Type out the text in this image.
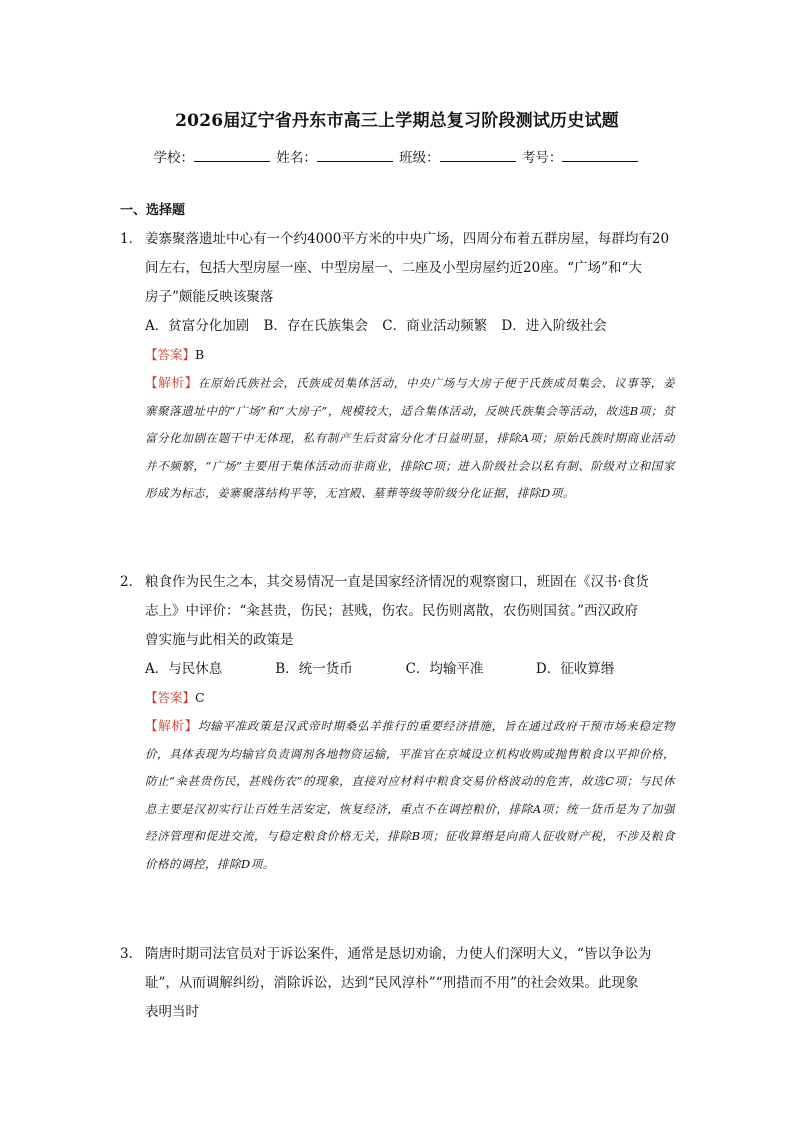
2026届辽宁省丹东市高三上学期总复习阶段测试历史试题
学校：	姓名：	班级：	考号：
一、选择题
1． 姜寨聚落遗址中心有一个约4000平方米的中央广场，四周分布着五群房屋，每群均有20
间左右，包括大型房屋一座、中型房屋一、二座及小型房屋约近20座。“广场”和“大
房子”颇能反映该聚落
A．贫富分化加剧 B．存在氏族集会 C．商业活动频繁 D．进入阶级社会
【答案】B
【解析】在原始氏族社会，氏族成员集体活动，中央广场与大房子便于氏族成员集会、议事等，姜寨聚落遗址中的“广场”和“大房子”，规模较大，适合集体活动，反映氏族集会等活动，故选B项；贫富分化加剧在题干中无体现，私有制产生后贫富分化才日益明显，排除A项；原始氏族时期商业活动并不频繁，“广场”主要用于集体活动而非商业，排除C项；进入阶级社会以私有制、阶级对立和国家形成为标志，姜寨聚落结构平等，无宫殿、墓葬等级等阶级分化证据，排除D项。
2． 粮食作为民生之本，其交易情况一直是国家经济情况的观察窗口，班固在《汉书·食货
志上》中评价：“籴甚贵，伤民；甚贱，伤农。民伤则离散，农伤则国贫。”西汉政府
曾实施与此相关的政策是
A．与民休息	B．统一货币	C．均输平准	D．征收算缗
【答案】C
【解析】均输平准政策是汉武帝时期桑弘羊推行的重要经济措施，旨在通过政府干预市场来稳定物价，具体表现为均输官负责调剂各地物资运输，平准官在京城设立机构收购或抛售粮食以平抑价格，防止“籴甚贵伤民，甚贱伤农”的现象，直接对应材料中粮食交易价格波动的危害，故选C项；与民休息主要是汉初实行让百姓生活安定，恢复经济，重点不在调控粮价，排除A项；统一货币是为了加强经济管理和促进交流，与稳定粮食价格无关，排除B项；征收算缗是向商人征收财产税，不涉及粮食价格的调控，排除D项。
3． 隋唐时期司法官员对于诉讼案件，通常是恳切劝谕，力使人们深明大义，“皆以争讼为
耻”，从而调解纠纷，消除诉讼，达到“民风淳朴”“刑措而不用”的社会效果。此现象
表明当时
